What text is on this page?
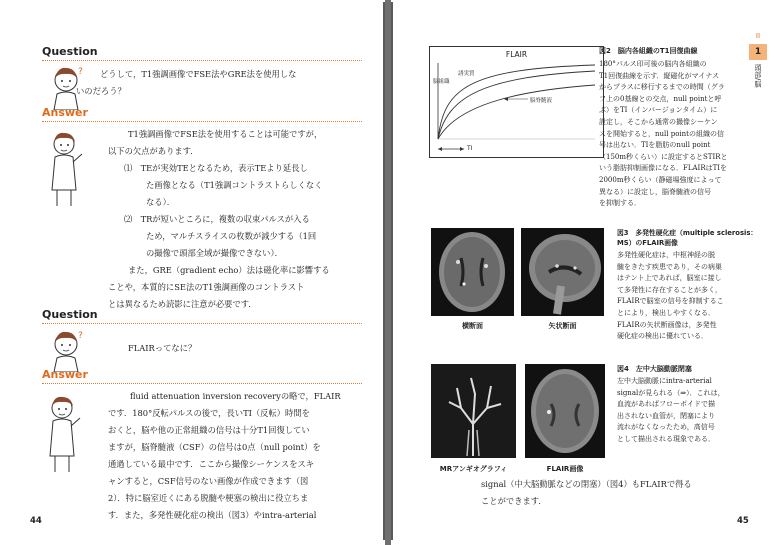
Question
? どうして，T1強調画像でFSE法やGRE法を使用しな
いのだろう？
Answer
T1強調画像でFSE法を使用することは可能ですが，
以下の欠点があります．
⑴　TEが実効TEとなるため，表示TEより延長し
た画像となる（T1強調コントラストらしくなく
なる）．
⑵　TRが短いところに，複数の収束パルスが入る
ため，マルチスライスの枚数が減少する（1回
の撮像で頭部全域が撮像できない）．
また，GRE（gradient echo）法は磁化率に影響する
ことや，本質的にSE法のT1強調画像のコントラスト
とは異なるため読影に注意が必要です．
Question
?
FLAIRってなに？
Answer
fluid attenuation inversion recoveryの略で，FLAIR
です．180°反転パルスの後で，長いTI（反転）時間を
おくと，脳や他の正常組織の信号は十分T1回復してい
ますが，脳脊髄液（CSF）の信号は0点（null point）を
通過している最中です．ここから撮像シーケンスをスキ
ャンすると，CSF信号のない画像が作成できます（図
2）．特に脳室近くにある脱髄や梗塞の検出に役立ちま
す．また，多発性硬化症の検出（図3）やintra-arterial
44
FLAIR
脳組織
誘実質
脳脊髄液
TI
図2　脳内各組織のT1回復曲線
180°パルス印可後の脳内各組織の
T1回復曲線を示す．縦磁化がマイナス
からプラスに移行するまでの時間（グラ
フ上の0基線との交点，null pointと呼
ぶ）をTI（インバージョンタイム）に
設定し，そこから通常の撮像シーケン
スを開始すると，null pointの組織の信
号は出ない．TIを脂肪のnull point
（150m秒くらい）に設定するとSTIRと
いう脂肪抑制画像になる．FLAIRはTIを
2000m秒くらい（静磁場強度によって
異なる）に設定し，脳脊髄液の信号
を抑制する．
横断面	矢状断面
図3　多発性硬化症（multiple sclerosis：MS）のFLAIR画像
多発性硬化症は，中枢神経の脱
髄をきたす疾患であり，その病巣
はテント上であれば，脳室に接し
て多発性に存在することが多く，
FLAIRで脳室の信号を抑制するこ
とにより，検出しやすくなる．
FLAIRの矢状断画像は，多発性
硬化症の検出に優れている．
MRアンギオグラフィ	FLAIR画像
図4　左中大脳動脈閉塞
左中大脳動脈にintra-arterial
signalが見られる（⇒）．これは，
血流があればフローボイドで描
出されない血管が，閉塞により
流れがなくなったため，高信号
として描出される現象である．
signal（中大脳動脈などの閉塞）（図4）もFLAIRで得る
ことができます．
II
1
頭部/脳
45
